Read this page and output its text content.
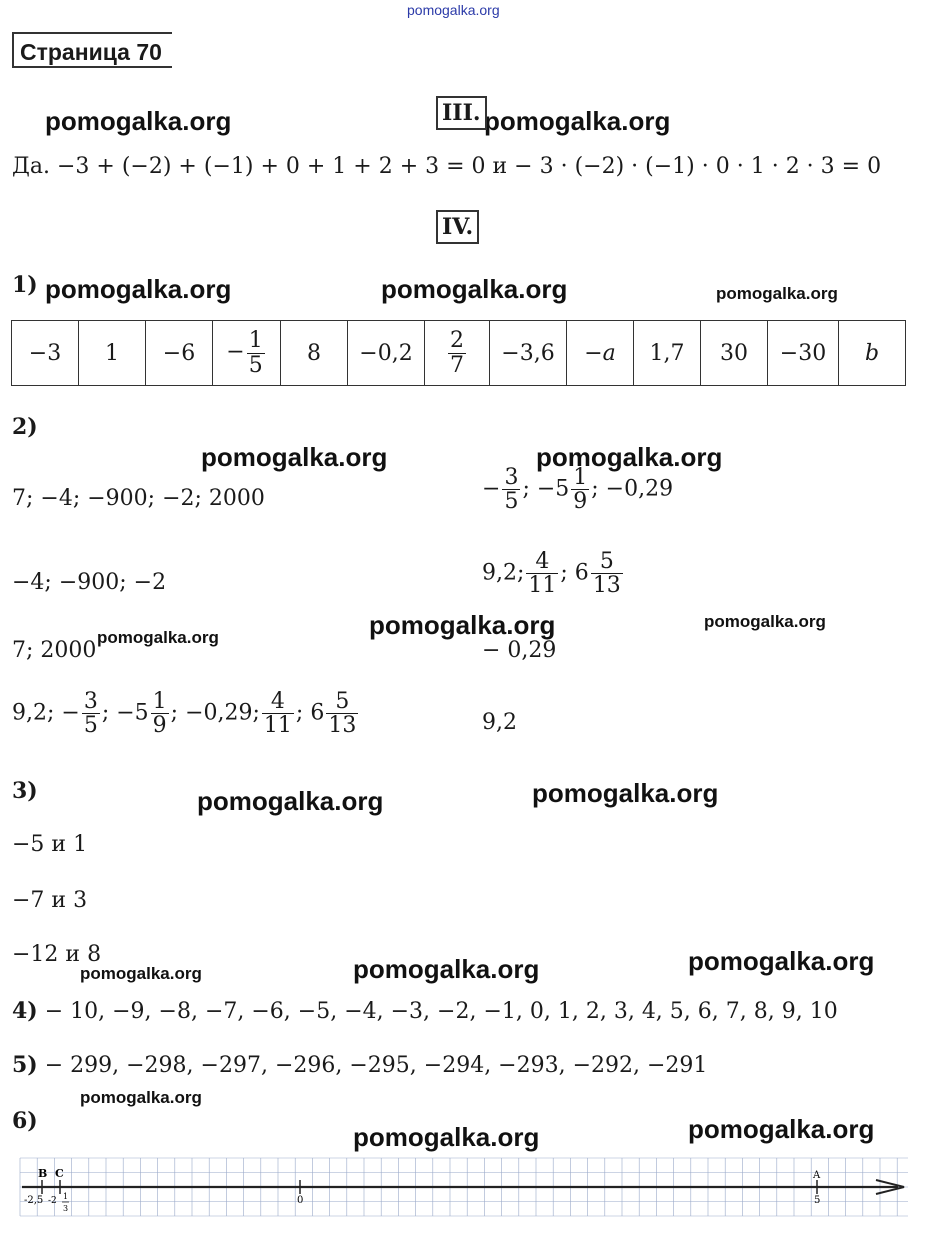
pomogalka.org
Страница 70
pomogalka.org	pomogalka.org
pomogalka.org	pomogalka.org	pomogalka.org
pomogalka.org	pomogalka.org
pomogalka.org	pomogalka.org	pomogalka.org
pomogalka.org	pomogalka.org
pomogalka.org	pomogalka.org	pomogalka.org
pomogalka.org
pomogalka.org	pomogalka.org
III.
Да. −3 + (−2) + (−1) + 0 + 1 + 2 + 3 = 0 и − 3 · (−2) · (−1) · 0 · 1 · 2 · 3 = 0
IV.
1)
−3	1	−6	− $\frac{1}{5}$	8	−0,2	$\frac{2}{7}$	−3,6	−a	1,7	30	−30	b
2)
7; −4; −900; −2; 2000
−4; −900; −2
7; 2000
9,2; − $\frac{3}{5}$ ; $-5 \frac{1}{9}$ ; −0,29; $\frac{4}{11}$ ; $6 \frac{5}{13}$
− $\frac{3}{5}$ ; $-5 \frac{1}{9}$ ; −0,29
9,2; $\frac{4}{11}$ ; $6 \frac{5}{13}$
− 0,29
9,2
3)
−5 и 1
−7 и 3
−12 и 8
4) − 10, −9, −8, −7, −6, −5, −4, −3, −2, −1, 0, 1, 2, 3, 4, 5, 6, 7, 8, 9, 10
5) − 299, −298, −297, −296, −295, −294, −293, −292, −291
6)
B C	A
-2,5 -2 1
3
0	5
